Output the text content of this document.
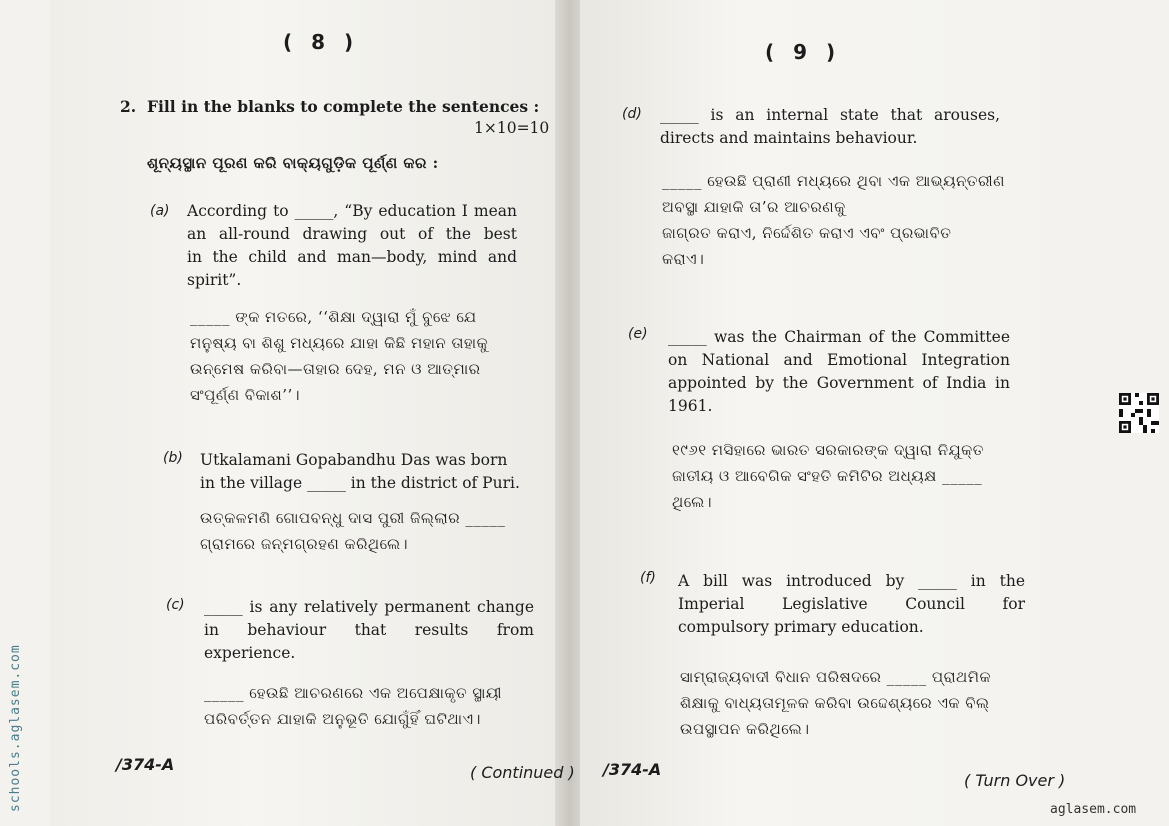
( 8 )
2. Fill in the blanks to complete the sentences :
1×10=10
ଶୂନ୍ୟସ୍ଥାନ ପୂରଣ କରି ବାକ୍ୟଗୁଡ଼ିକ ପୂର୍ଣ୍ଣ କର :
(a) According to _____, “By education I mean
an all-round drawing out of the best
in the child and man—body, mind and
spirit”.
_____ ଙ୍କ ମତରେ, ‘‘ଶିକ୍ଷା ଦ୍ୱାରା ମୁଁ ବୁଝେ ଯେ
ମନୁଷ୍ୟ ବା ଶିଶୁ ମଧ୍ୟରେ ଯାହା କିଛି ମହାନ ତାହାକୁ
ଉନ୍ମେଷ କରିବା—ତାହାର ଦେହ, ମନ ଓ ଆତ୍ମାର
ସଂପୂର୍ଣ୍ଣ ବିକାଶ’’।
(b) Utkalamani Gopabandhu Das was born
in the village _____ in the district of Puri.
ଉତ୍କଳମଣି ଗୋପବନ୍ଧୁ ଦାସ ପୁରୀ ଜିଲ୍ଲାର _____
ଗ୍ରାମରେ ଜନ୍ମଗ୍ରହଣ କରିଥିଲେ।
(c) _____ is any relatively permanent change
in behaviour that results from
experience.
_____ ହେଉଛି ଆଚରଣରେ ଏକ ଅପେକ୍ଷାକୃତ ସ୍ଥାୟୀ
ପରିବର୍ତ୍ତନ ଯାହାକି ଅନୁଭୂତି ଯୋଗୁଁହିଁ ଘଟିଥାଏ।
/374-A	( Continued )
( 9 )
(d) _____ is an internal state that arouses,
directs and maintains behaviour.
_____ ହେଉଛି ପ୍ରାଣୀ ମଧ୍ୟରେ ଥିବା ଏକ ଆଭ୍ୟନ୍ତରୀଣ
ଅବସ୍ଥା ଯାହାକି ତା’ର ଆଚରଣକୁ
ଜାଗ୍ରତ କରାଏ, ନିର୍ଦ୍ଦେଶିତ କରାଏ ଏବଂ ପ୍ରଭାବିତ
କରାଏ।
(e) _____ was the Chairman of the Committee
on National and Emotional Integration
appointed by the Government of India in
1961.
୧୯୬୧ ମସିହାରେ ଭାରତ ସରକାରଙ୍କ ଦ୍ୱାରା ନିଯୁକ୍ତ
ଜାତୀୟ ଓ ଆବେଗିକ ସଂହତି କମିଟିର ଅଧ୍ୟକ୍ଷ _____
ଥିଲେ।
(f) A bill was introduced by _____ in the
Imperial Legislative Council for
compulsory primary education.
ସାମ୍ରାଜ୍ୟବାଦୀ ବିଧାନ ପରିଷଦରେ _____ ପ୍ରାଥମିକ
ଶିକ୍ଷାକୁ ବାଧ୍ୟତାମୂଳକ କରିବା ଉଦ୍ଦେଶ୍ୟରେ ଏକ ବିଲ୍
ଉପସ୍ଥାପନ କରିଥିଲେ।
/374-A
( Turn Over )
schools.aglasem.com	aglasem.com
